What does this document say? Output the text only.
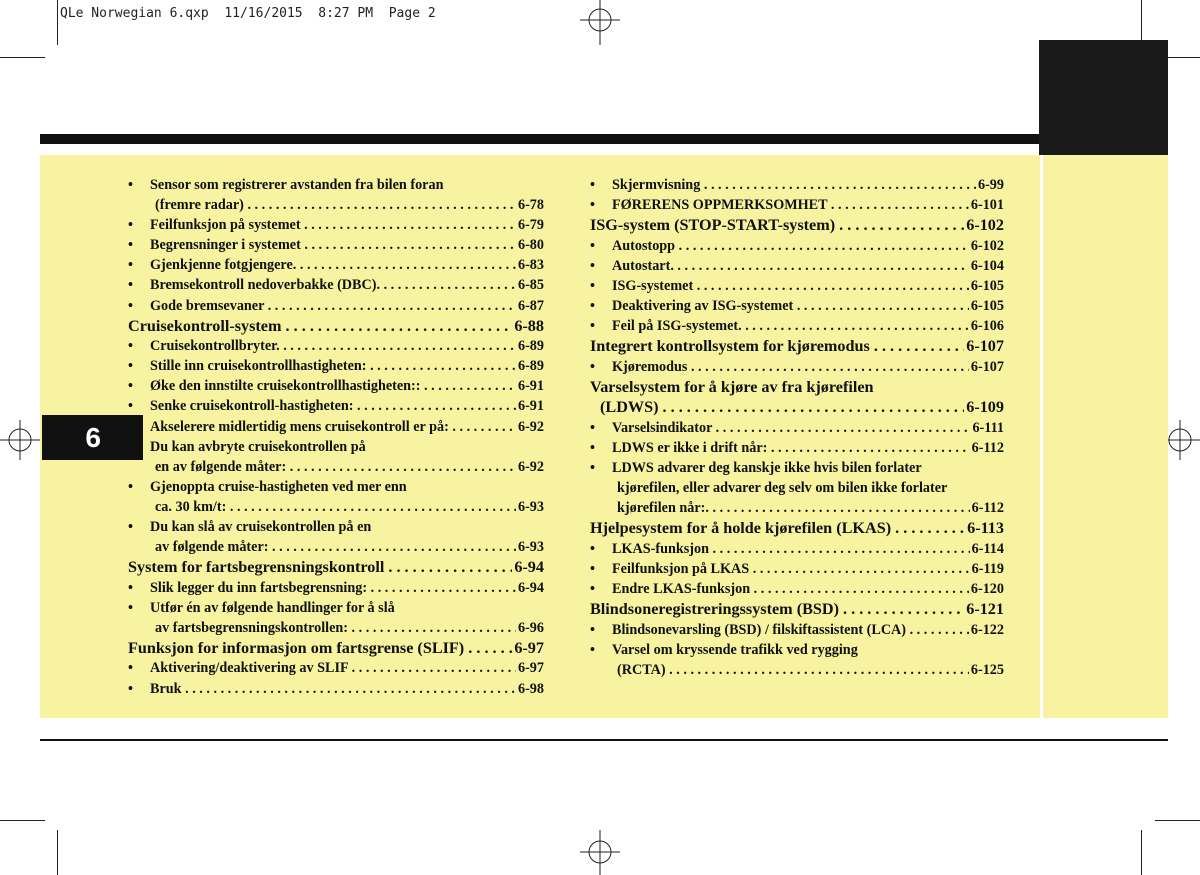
QLe Norwegian 6.qxp  11/16/2015  8:27 PM  Page 2
6
• Sensor som registrerer avstanden fra bilen foran
(fremre radar) . . .	6-78
• Feilfunksjon på systemet . . .	6-79
• Begrensninger i systemet . . .	6-80
• Gjenkjenne fotgjengere. . . .	6-83
• Bremsekontroll nedoverbakke (DBC). . . .	6-85
• Gode bremsevaner . . .	6-87
Cruisekontroll-system . . .	6-88
• Cruisekontrollbryter. . . .	6-89
• Stille inn cruisekontrollhastigheten: . . .	6-89
• Øke den innstilte cruisekontrollhastigheten:: . . .	6-91
• Senke cruisekontroll-hastigheten: . . .	6-91
• Akselerere midlertidig mens cruisekontroll er på: . . .	6-92
• Du kan avbryte cruisekontrollen på
en av følgende måter: . . .	6-92
• Gjenoppta cruise-hastigheten ved mer enn
ca. 30 km/t: . . .	6-93
• Du kan slå av cruisekontrollen på en
av følgende måter: . . .	6-93
System for fartsbegrensningskontroll . . .	6-94
• Slik legger du inn fartsbegrensning: . . .	6-94
• Utfør én av følgende handlinger for å slå
av fartsbegrensningskontrollen: . . .	6-96
Funksjon for informasjon om fartsgrense (SLIF) . . .	6-97
• Aktivering/deaktivering av SLIF . . .	6-97
• Bruk . . .	6-98
• Skjermvisning . . .	6-99
• FØRERENS OPPMERKSOMHET . . .	6-101
ISG-system (STOP-START-system) . . .	6-102
• Autostopp . . .	6-102
• Autostart. . . .	6-104
• ISG-systemet . . .	6-105
• Deaktivering av ISG-systemet . . .	6-105
• Feil på ISG-systemet. . . .	6-106
Integrert kontrollsystem for kjøremodus . . .	6-107
• Kjøremodus . . .	6-107
Varselsystem for å kjøre av fra kjørefilen
(LDWS) . . .	6-109
• Varselsindikator . . .	6-111
• LDWS er ikke i drift når: . . .	6-112
• LDWS advarer deg kanskje ikke hvis bilen forlater
kjørefilen, eller advarer deg selv om bilen ikke forlater
kjørefilen når:. . . .	6-112
Hjelpesystem for å holde kjørefilen (LKAS) . . .	6-113
• LKAS-funksjon . . .	6-114
• Feilfunksjon på LKAS . . .	6-119
• Endre LKAS-funksjon . . .	6-120
Blindsoneregistreringssystem (BSD) . . .	6-121
• Blindsonevarsling (BSD) / filskiftassistent (LCA) . . .	6-122
• Varsel om kryssende trafikk ved rygging
(RCTA) . . .	6-125
